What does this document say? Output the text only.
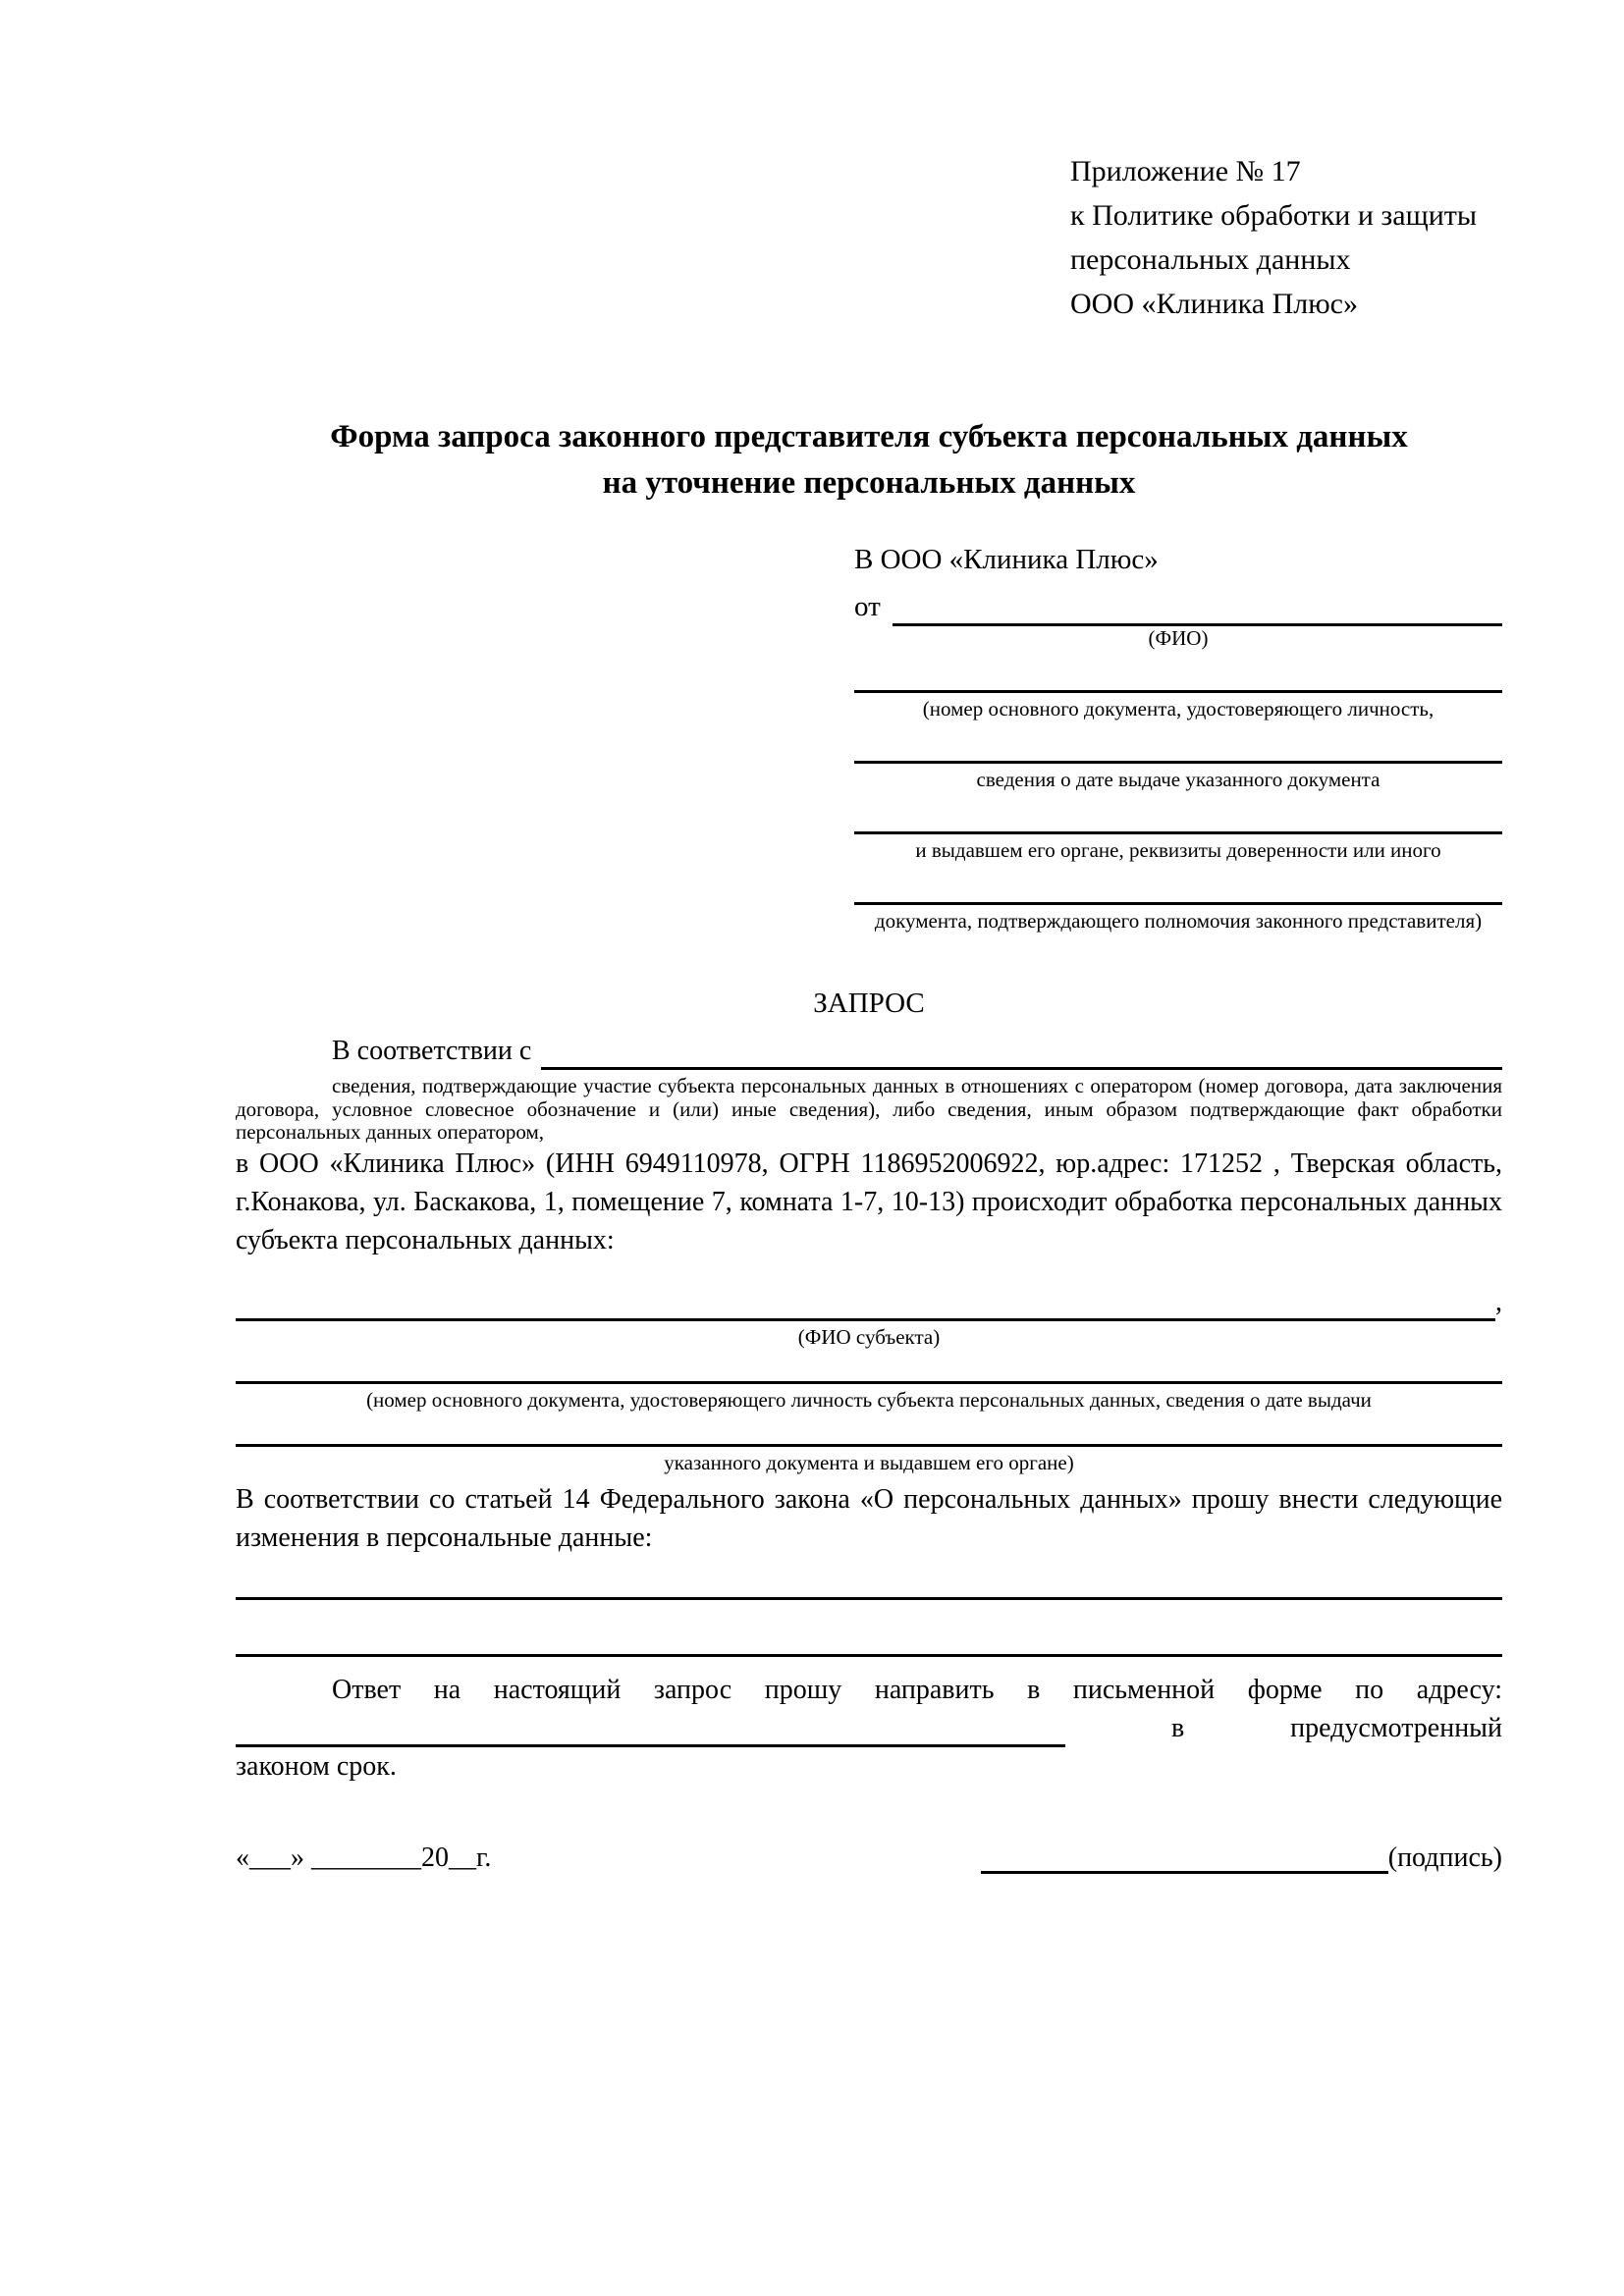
Приложение № 17
к Политике обработки и защиты
персональных данных
ООО «Клиника Плюс»
Форма запроса законного представителя субъекта персональных данных
на уточнение персональных данных
В ООО «Клиника Плюс»
от
(ФИО)
(номер основного документа, удостоверяющего личность,
сведения о дате выдаче указанного документа
и выдавшем его органе, реквизиты доверенности или иного
документа, подтверждающего полномочия законного представителя)
ЗАПРОС
В соответствии с
сведения, подтверждающие участие субъекта персональных данных в отношениях с оператором (номер договора, дата заключения договора, условное словесное обозначение и (или) иные сведения), либо сведения, иным образом подтверждающие факт обработки персональных данных оператором,

в ООО «Клиника Плюс» (ИНН 6949110978, ОГРН 1186952006922, юр.адрес: 171252 , Тверская область, г.Конакова, ул. Баскакова, 1, помещение 7, комната 1-7, 10-13) происходит обработка персональных данных субъекта персональных данных:

,
(ФИО субъекта)
(номер основного документа, удостоверяющего личность субъекта персональных данных, сведения о дате выдачи
указанного документа и выдавшем его органе)

В соответствии со статьей 14 Федерального закона «О персональных данных» прошу внести следующие изменения в персональные данные:

Ответ на настоящий запрос прошу направить в письменной форме по адресу:

в	предусмотренный

законом срок.

«___» ________20__г.	(подпись)
